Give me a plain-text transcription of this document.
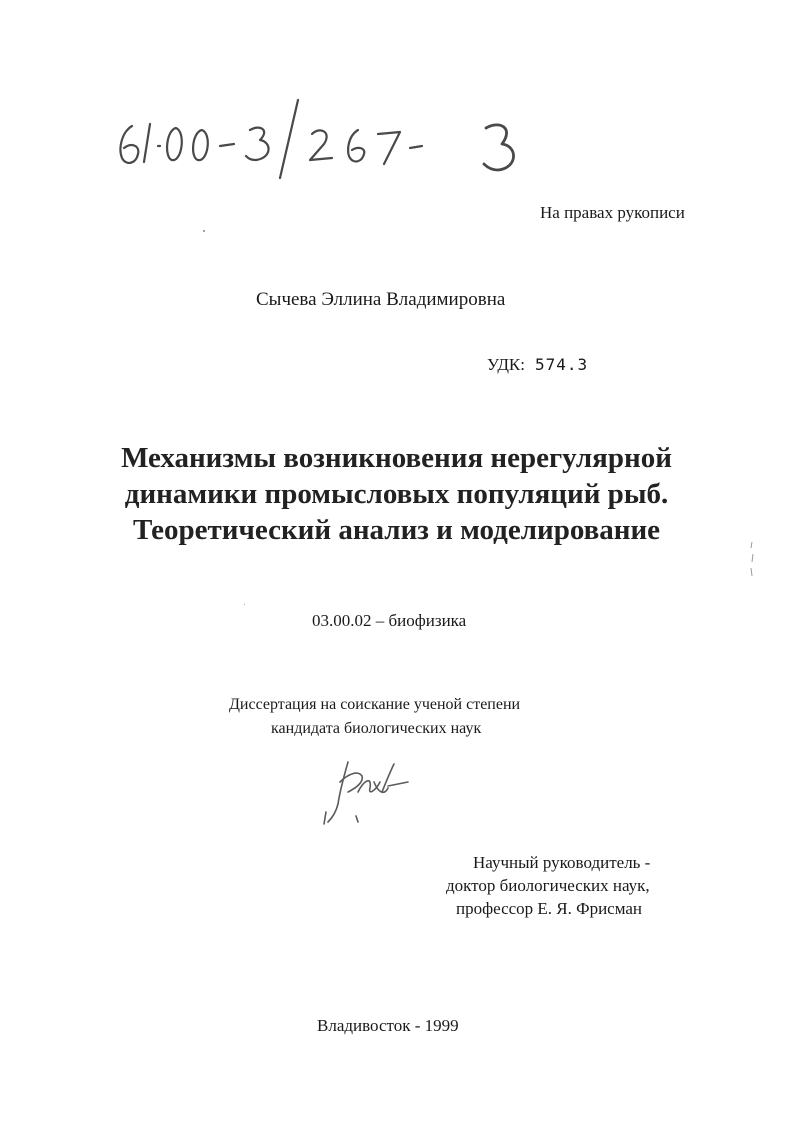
На правах рукописи
Сычева Эллина Владимировна
УДК: 574.3
Механизмы возникновения нерегулярной
динамики промысловых популяций рыб.
Теоретический анализ и моделирование
03.00.02 – биофизика
Диссертация на соискание ученой степени
кандидата биологических наук
Научный руководитель -
доктор биологических наук,
профессор Е. Я. Фрисман
Владивосток - 1999
